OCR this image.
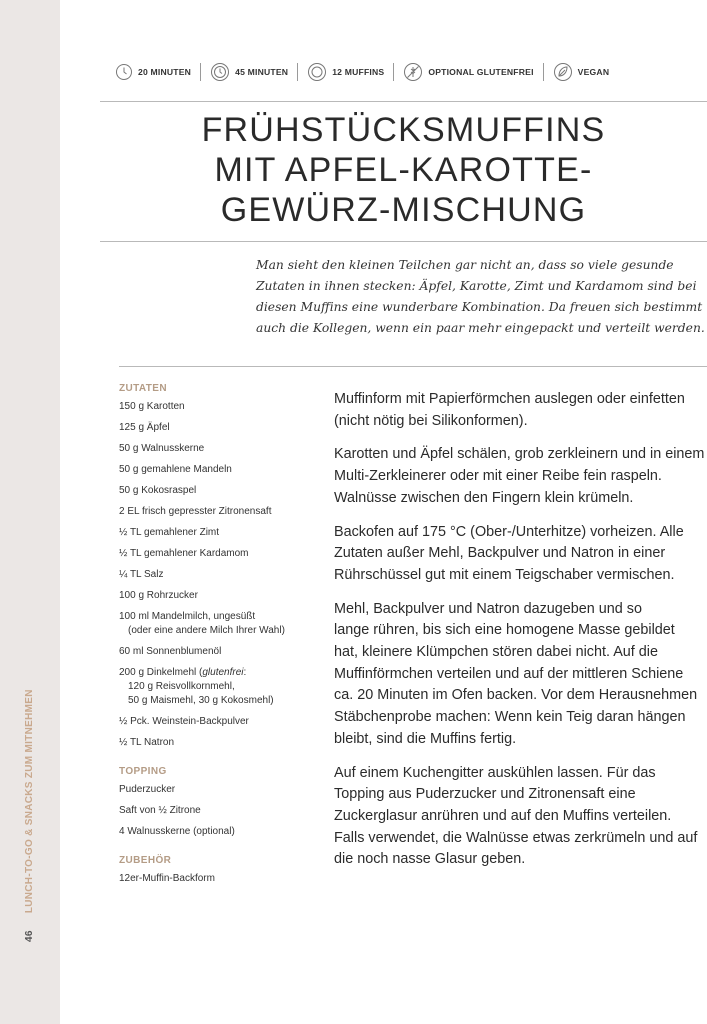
46 LUNCH-TO-GO & SNACKS ZUM MITNEHMEN
20 MINUTEN	45 MINUTEN	12 MUFFINS	OPTIONAL GLUTENFREI	VEGAN
FRÜHSTÜCKSMUFFINS
MIT APFEL-KAROTTE-
GEWÜRZ-MISCHUNG
Man sieht den kleinen Teilchen gar nicht an, dass so viele gesunde
Zutaten in ihnen stecken: Äpfel, Karotte, Zimt und Kardamom sind bei
diesen Muffins eine wunderbare Kombination. Da freuen sich bestimmt
auch die Kollegen, wenn ein paar mehr eingepackt und verteilt werden.
ZUTATEN
150 g Karotten
125 g Äpfel
50 g Walnusskerne
50 g gemahlene Mandeln
50 g Kokosraspel
2 EL frisch gepresster Zitronensaft
½ TL gemahlener Zimt
½ TL gemahlener Kardamom
¼ TL Salz
100 g Rohrzucker
100 ml Mandelmilch, ungesüßt
(oder eine andere Milch Ihrer Wahl)
60 ml Sonnenblumenöl
200 g Dinkelmehl (glutenfrei:
120 g Reisvollkornmehl,
50 g Maismehl, 30 g Kokosmehl)
½ Pck. Weinstein-Backpulver
½ TL Natron
TOPPING
Puderzucker
Saft von ½ Zitrone
4 Walnusskerne (optional)
ZUBEHÖR
12er-Muffin-Backform

Muffinform mit Papierförmchen auslegen oder einfetten
(nicht nötig bei Silikonformen).

Karotten und Äpfel schälen, grob zerkleinern und in einem
Multi-Zerkleinerer oder mit einer Reibe fein raspeln.
Walnüsse zwischen den Fingern klein krümeln.

Backofen auf 175 °C (Ober-/Unterhitze) vorheizen. Alle
Zutaten außer Mehl, Backpulver und Natron in einer
Rührschüssel gut mit einem Teigschaber vermischen.

Mehl, Backpulver und Natron dazugeben und so
lange rühren, bis sich eine homogene Masse gebildet
hat, kleinere Klümpchen stören dabei nicht. Auf die
Muffinförmchen verteilen und auf der mittleren Schiene
ca. 20 Minuten im Ofen backen. Vor dem Herausnehmen
Stäbchenprobe machen: Wenn kein Teig daran hängen
bleibt, sind die Muffins fertig.

Auf einem Kuchengitter auskühlen lassen. Für das
Topping aus Puderzucker und Zitronensaft eine
Zuckerglasur anrühren und auf den Muffins verteilen.
Falls verwendet, die Walnüsse etwas zerkrümeln und auf
die noch nasse Glasur geben.
